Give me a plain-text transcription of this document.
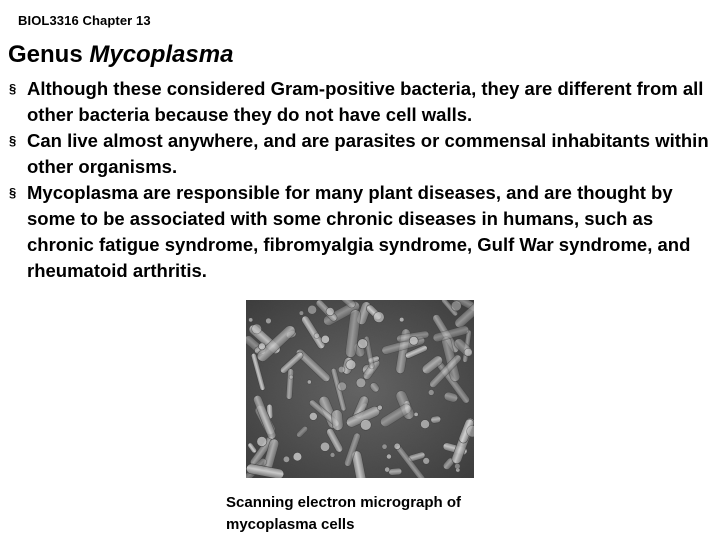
BIOL3316 Chapter 13
Genus Mycoplasma
§ Although these considered Gram-positive bacteria, they are different from all other bacteria because they do not have cell walls.
§ Can live almost anywhere, and are parasites or commensal inhabitants within other organisms.
§ Mycoplasma are responsible for many plant diseases, and are thought by some to be associated with some chronic diseases in humans, such as chronic fatigue syndrome, fibromyalgia syndrome, Gulf War syndrome, and rheumatoid arthritis.
Scanning electron micrograph of
mycoplasma cells
